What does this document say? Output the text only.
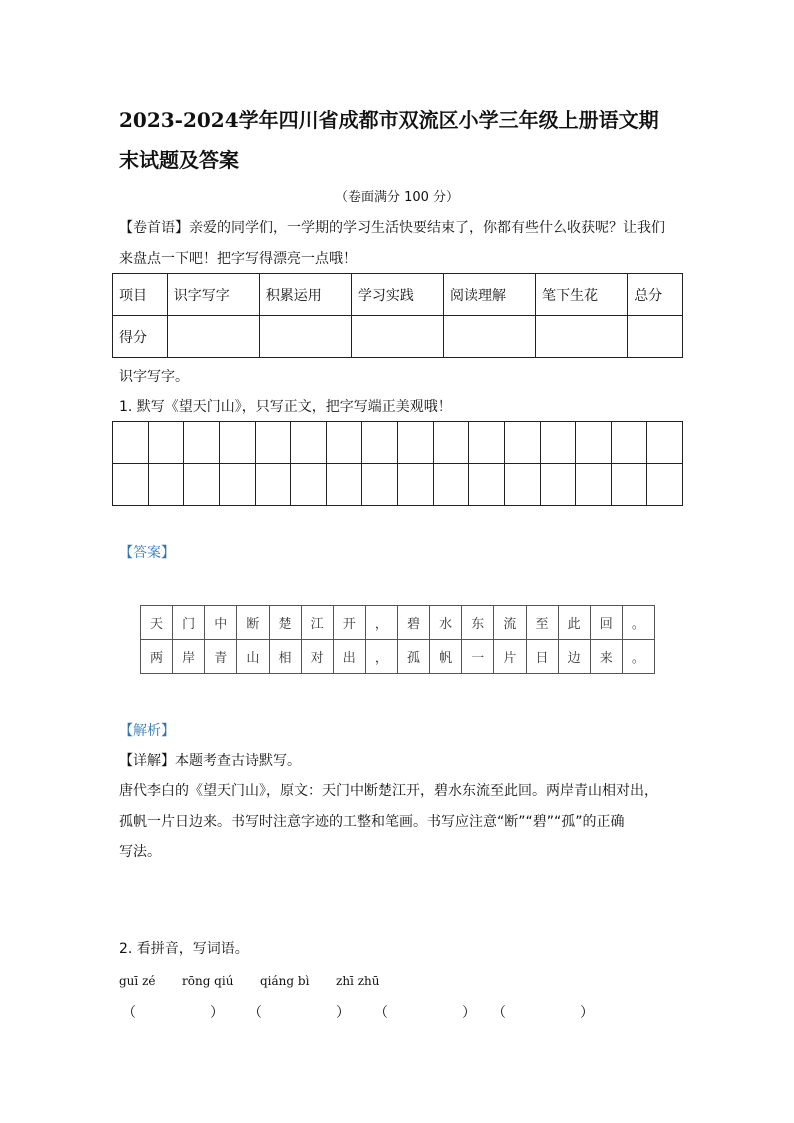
2023-2024学年四川省成都市双流区小学三年级上册语文期
末试题及答案
（卷面满分 100 分）
【卷首语】亲爱的同学们，一学期的学习生活快要结束了，你都有些什么收获呢？让我们
来盘点一下吧！把字写得漂亮一点哦！
项目	识字写字	积累运用	学习实践	阅读理解	笔下生花	总分
得分						
识字写字。
1. 默写《望天门山》，只写正文，把字写端正美观哦！

【答案】
天	门	中	断	楚	江	开	，	碧	水	东	流	至	此	回	。
两	岸	青	山	相	对	出	，	孤	帆	一	片	日	边	来	。
【解析】
【详解】本题考查古诗默写。
唐代李白的《望天门山》，原文：天门中断楚江开，碧水东流至此回。两岸青山相对出，
孤帆一片日边来。书写时注意字迹的工整和笔画。书写应注意“断”“碧”“孤”的正确
写法。
2. 看拼音，写词语。
guī zé rōng qiú qiáng bì zhī zhū
（	） （	） （	） （	）
